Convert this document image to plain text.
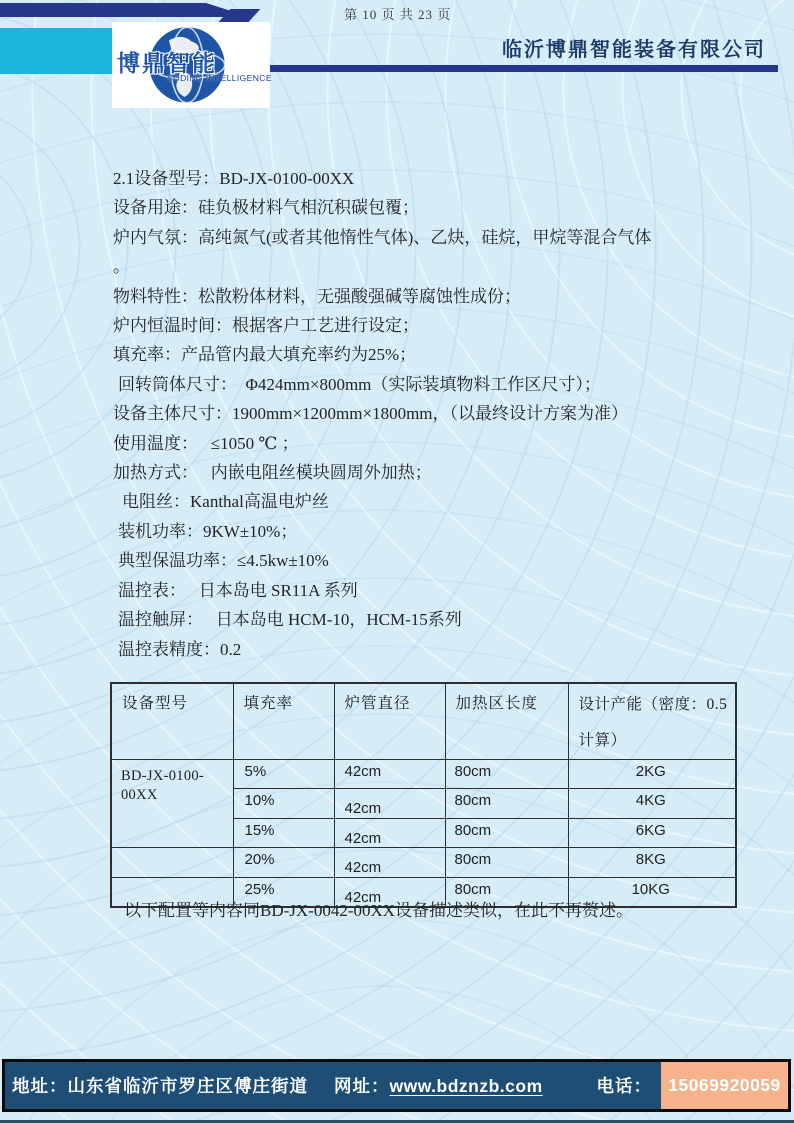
第 10 页 共 23 页
博鼎智能
BODING INTELLIGENCE
临沂博鼎智能装备有限公司
2.1设备型号：BD-JX-0100-00XX
设备用途：硅负极材料气相沉积碳包覆；
炉内气氛：高纯氮气(或者其他惰性气体)、乙炔，硅烷，甲烷等混合气体
。
物料特性：松散粉体材料，无强酸强碱等腐蚀性成份；
炉内恒温时间：根据客户工艺进行设定；
填充率：产品管内最大填充率约为25%；
回转筒体尺寸：　Φ424mm×800mm（实际装填物料工作区尺寸）；
设备主体尺寸：1900mm×1200mm×1800mm，（以最终设计方案为准）
使用温度：　 ≤1050 ℃ ；
加热方式：　 内嵌电阻丝模块圆周外加热；
电阻丝：Kanthal高温电炉丝
装机功率：9KW±10%；
典型保温功率：≤4.5kw±10%
温控表：　 日本岛电 SR11A 系列
温控触屏：　 日本岛电 HCM-10，HCM-15系列
温控表精度：0.2
设备型号	填充率	炉管直径	加热区长度	设计产能（密度：0.5
计算）
BD-JX-0100-00XX	5%	42cm	80cm	2KG
	10%	42cm	80cm	4KG
	15%	42cm	80cm	6KG
	20%	42cm	80cm	8KG
	25%	42cm	80cm	10KG
以下配置等内容同BD-JX-0042-00XX设备描述类似，在此不再赘述。
地址：山东省临沂市罗庄区傅庄街道 网址：www.bdznzb.com	电话： 15069920059
